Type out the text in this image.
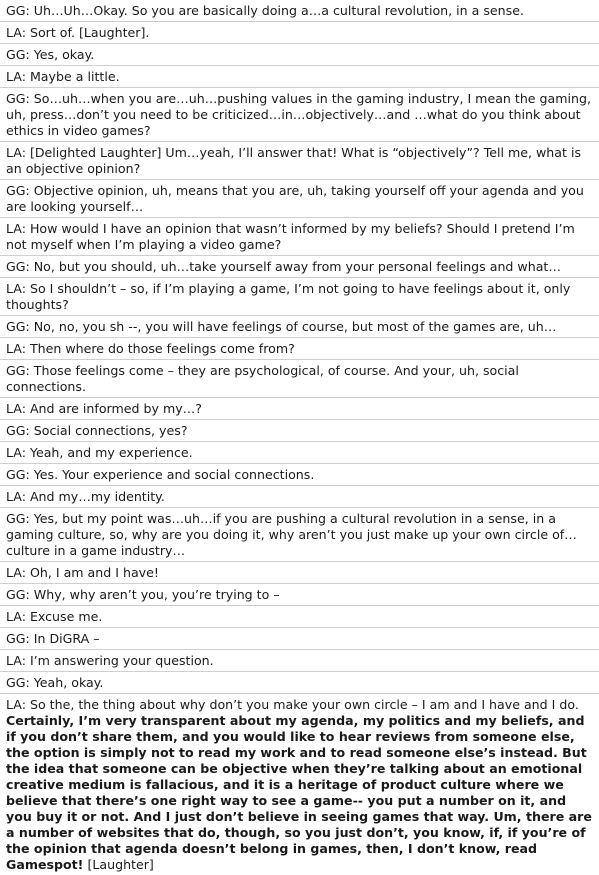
GG: Uh…Uh…Okay. So you are basically doing a…a cultural revolution, in a sense.
LA: Sort of. [Laughter].
GG: Yes, okay.
LA: Maybe a little.
GG: So…uh…when you are…uh…pushing values in the gaming industry, I mean the gaming, uh, press…don’t you need to be criticized…in…objectively…and …what do you think about ethics in video games?
LA: [Delighted Laughter] Um…yeah, I’ll answer that! What is “objectively”? Tell me, what is an objective opinion?
GG: Objective opinion, uh, means that you are, uh, taking yourself off your agenda and you are looking yourself…
LA: How would I have an opinion that wasn’t informed by my beliefs? Should I pretend I’m not myself when I’m playing a video game?
GG: No, but you should, uh…take yourself away from your personal feelings and what…
LA: So I shouldn’t – so, if I’m playing a game, I’m not going to have feelings about it, only thoughts?
GG: No, no, you sh --, you will have feelings of course, but most of the games are, uh…
LA: Then where do those feelings come from?
GG: Those feelings come – they are psychological, of course. And your, uh, social connections.
LA: And are informed by my…?
GG: Social connections, yes?
LA: Yeah, and my experience.
GG: Yes. Your experience and social connections.
LA: And my…my identity.
GG: Yes, but my point was…uh…if you are pushing a cultural revolution in a sense, in a gaming culture, so, why are you doing it, why aren’t you just make up your own circle of…culture in a game industry…
LA: Oh, I am and I have!
GG: Why, why aren’t you, you’re trying to –
LA: Excuse me.
GG: In DiGRA –
LA: I’m answering your question.
GG: Yeah, okay.
LA: So the, the thing about why don’t you make your own circle – I am and I have and I do. Certainly, I’m very transparent about my agenda, my politics and my beliefs, and if you don’t share them, and you would like to hear reviews from someone else, the option is simply not to read my work and to read someone else’s instead. But the idea that someone can be objective when they’re talking about an emotional creative medium is fallacious, and it is a heritage of product culture where we believe that there’s one right way to see a game-- you put a number on it, and you buy it or not. And I just don’t believe in seeing games that way. Um, there are a number of websites that do, though, so you just don’t, you know, if, if you’re of the opinion that agenda doesn’t belong in games, then, I don’t know, read Gamespot! [Laughter]
